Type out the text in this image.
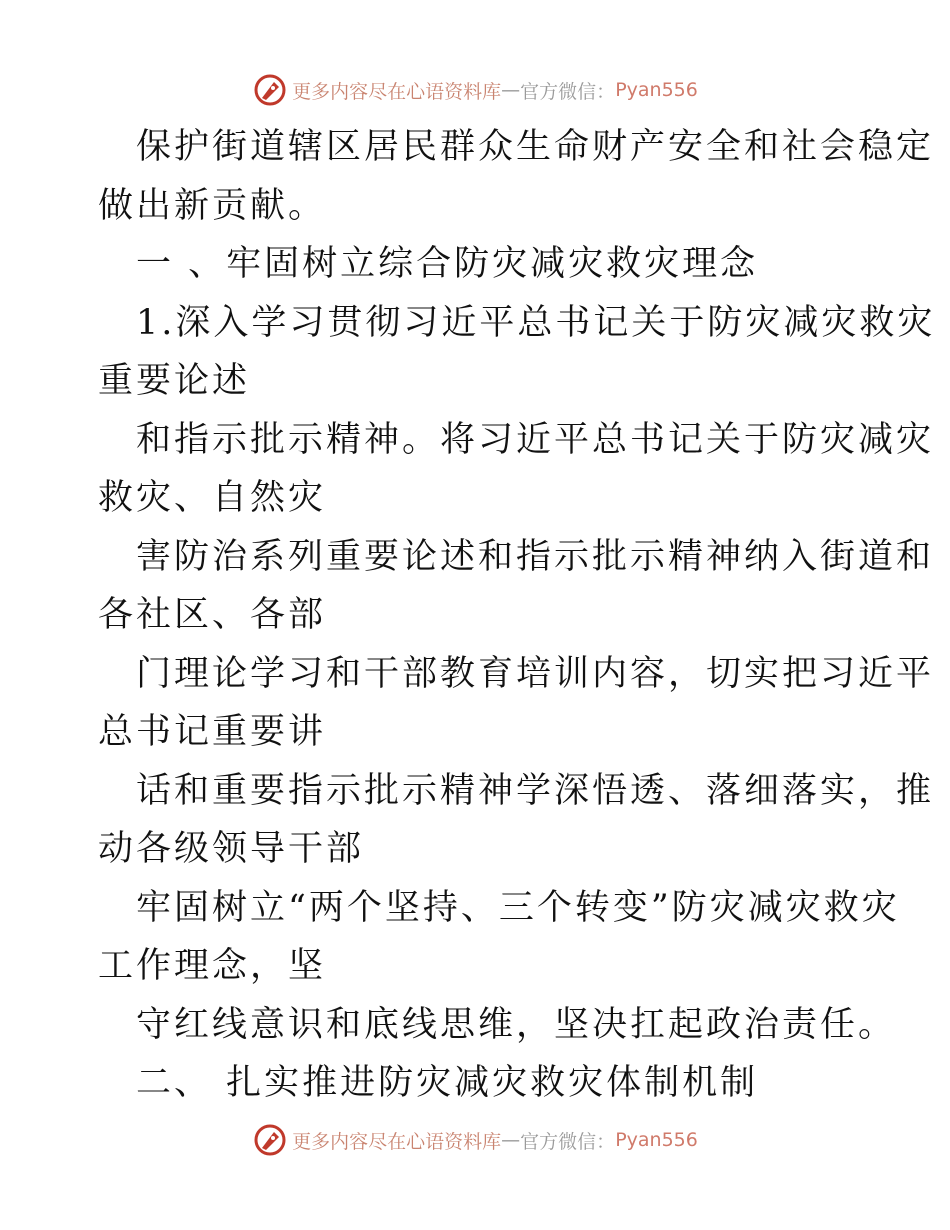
更多内容尽在心语资料库 — 官方微信： Pyan556
保护街道辖区居民群众生命财产安全和社会稳定
做出新贡献。
一 、牢固树立综合防灾减灾救灾理念
1.深入学习贯彻习近平总书记关于防灾减灾救灾
重要论述
和指示批示精神。将习近平总书记关于防灾减灾
救灾、自然灾
害防治系列重要论述和指示批示精神纳入街道和
各社区、各部
门理论学习和干部教育培训内容，切实把习近平
总书记重要讲
话和重要指示批示精神学深悟透、落细落实，推
动各级领导干部
牢固树立“两个坚持、三个转变”防灾减灾救灾
工作理念，坚
守红线意识和底线思维，坚决扛起政治责任。
二、 扎实推进防灾减灾救灾体制机制
更多内容尽在心语资料库 — 官方微信： Pyan556
